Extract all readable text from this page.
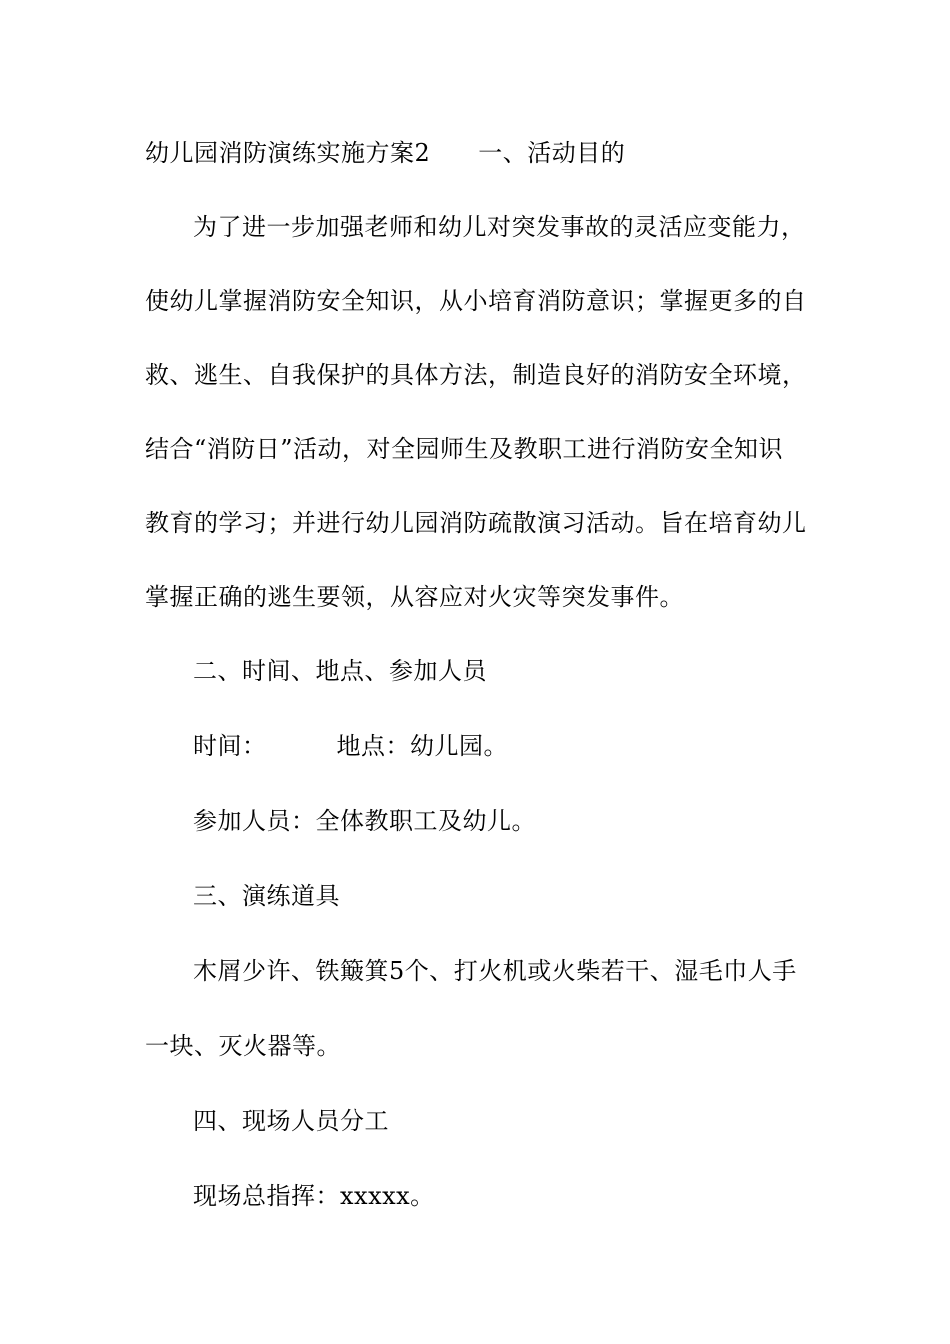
幼儿园消防演练实施方案2 一、活动目的
为了进一步加强老师和幼儿对突发事故的灵活应变能力，
使幼儿掌握消防安全知识，从小培育消防意识；掌握更多的自
救、逃生、自我保护的具体方法，制造良好的消防安全环境，
结合“消防日”活动，对全园师生及教职工进行消防安全知识
教育的学习；并进行幼儿园消防疏散演习活动。旨在培育幼儿
掌握正确的逃生要领，从容应对火灾等突发事件。
二、时间、地点、参加人员
时间：	地点：幼儿园。
参加人员：全体教职工及幼儿。
三、演练道具
木屑少许、铁簸箕5个、打火机或火柴若干、湿毛巾人手
一块、灭火器等。
四、现场人员分工
现场总指挥：xxxxx。
